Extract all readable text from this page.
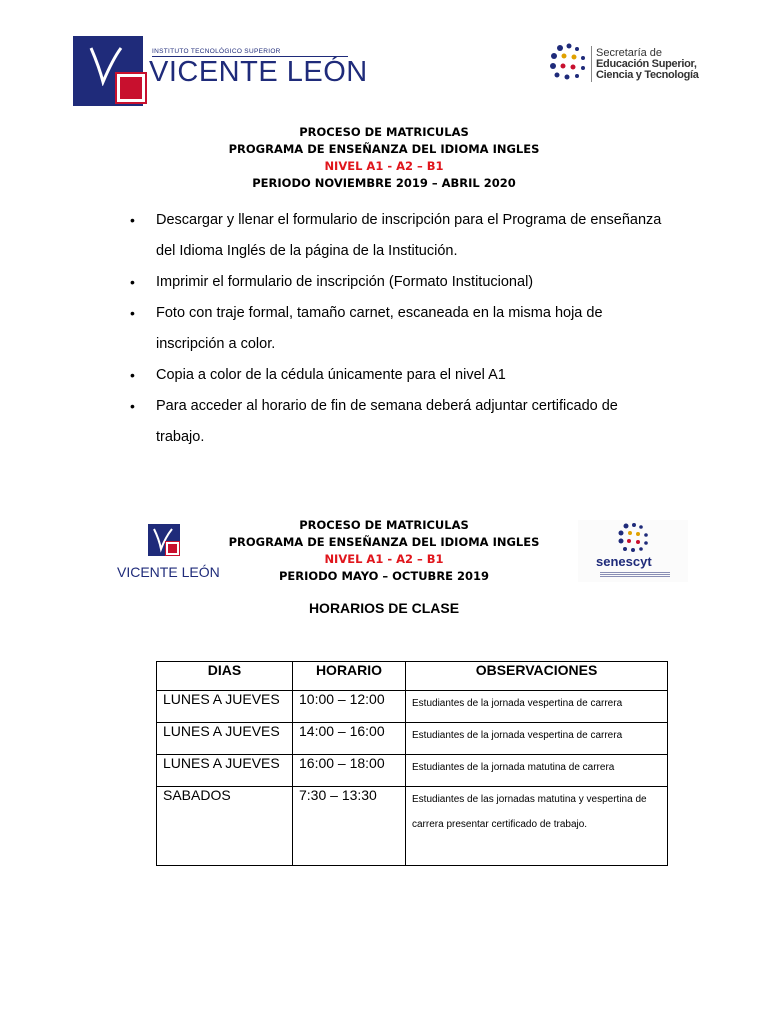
INSTITUTO TECNOLÓGICO SUPERIOR
VICENTE LEÓN
Secretaría de
Educación Superior,
Ciencia y Tecnología
PROCESO DE MATRICULAS
PROGRAMA DE ENSEÑANZA DEL IDIOMA INGLES
NIVEL A1 - A2 – B1
PERIODO NOVIEMBRE 2019 – ABRIL 2020
• Descargar y llenar el formulario de inscripción para el Programa de enseñanza del Idioma Inglés de la página de la Institución.
• Imprimir el formulario de inscripción (Formato Institucional)
• Foto con traje formal, tamaño carnet, escaneada en la misma hoja de inscripción a color.
• Copia a color de la cédula únicamente para el nivel A1
• Para acceder al horario de fin de semana deberá adjuntar certificado de trabajo.
VICENTE LEÓN
senescyt
PROCESO DE MATRICULAS
PROGRAMA DE ENSEÑANZA DEL IDIOMA INGLES
NIVEL A1 - A2 – B1
PERIODO MAYO – OCTUBRE 2019
HORARIOS DE CLASE
DIAS	HORARIO	OBSERVACIONES
LUNES A JUEVES	10:00 – 12:00	Estudiantes de la jornada vespertina de carrera
LUNES A JUEVES	14:00 – 16:00	Estudiantes de la jornada vespertina de carrera
LUNES A JUEVES	16:00 – 18:00	Estudiantes de la jornada matutina de carrera
SABADOS	7:30 – 13:30	Estudiantes de las jornadas matutina y vespertina de carrera presentar certificado de trabajo.
